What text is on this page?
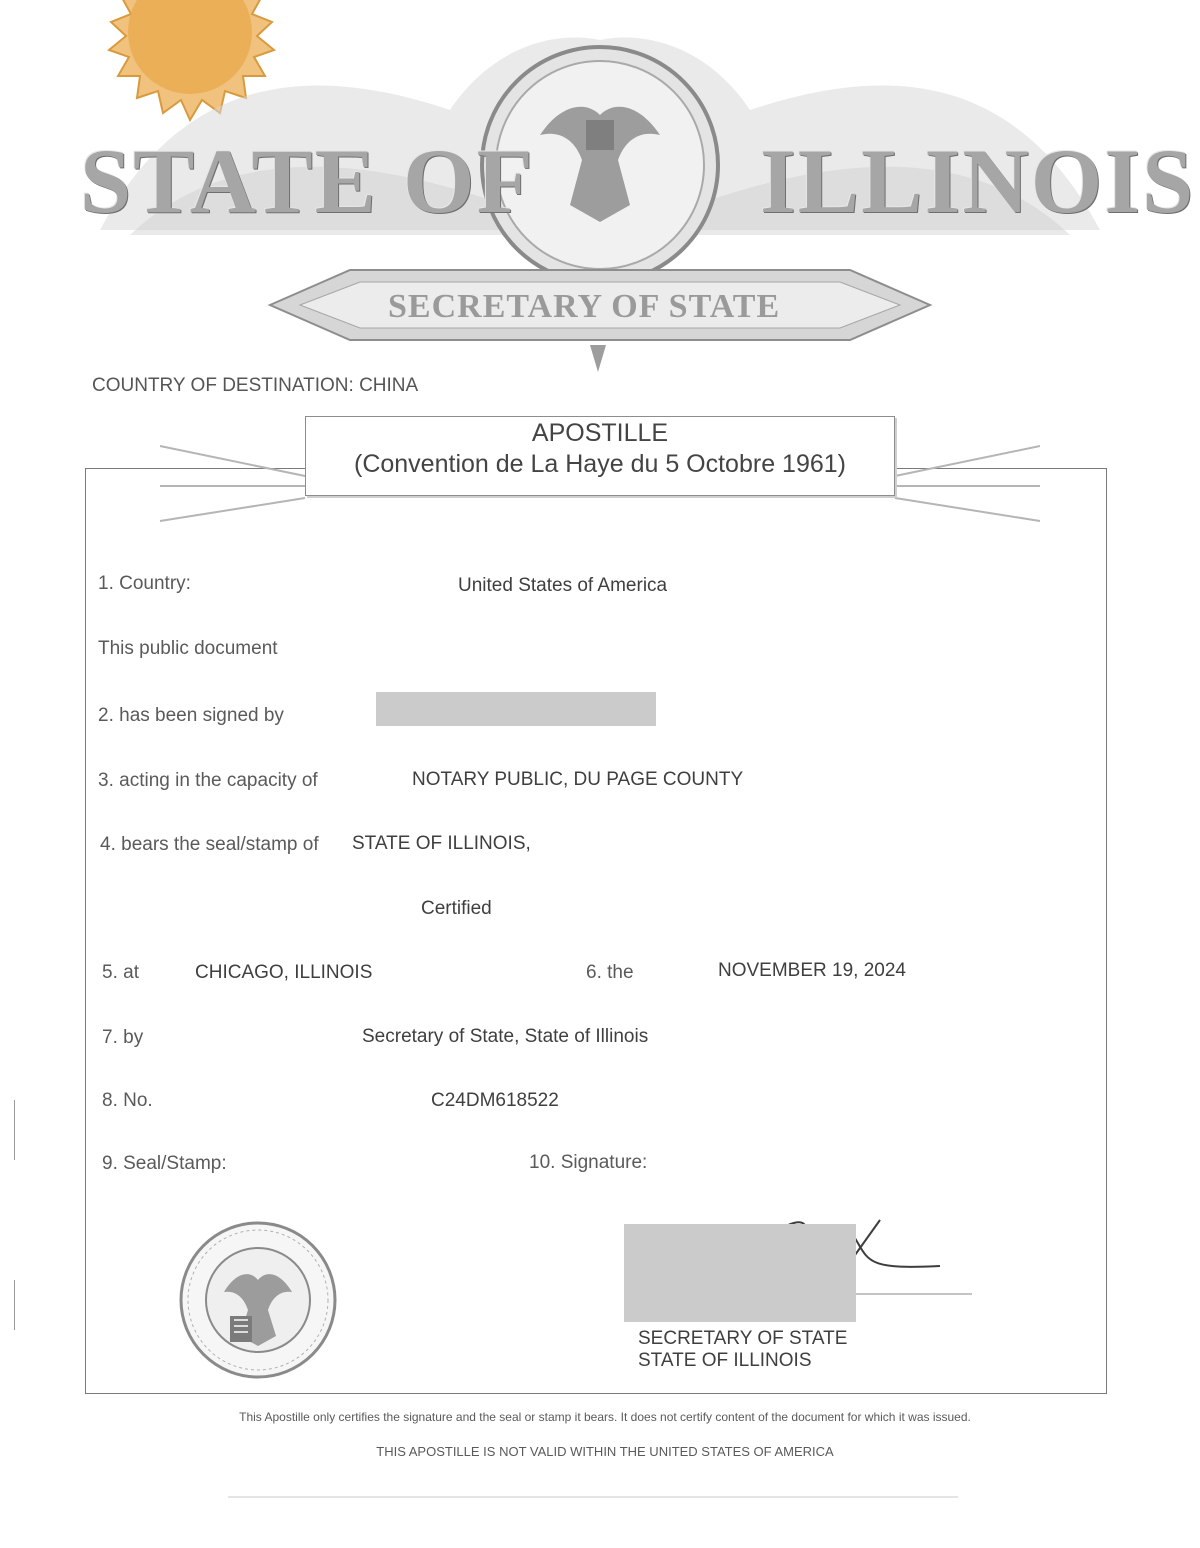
STATE OF ILLINOIS
SECRETARY OF STATE
COUNTRY OF DESTINATION: CHINA
APOSTILLE
(Convention de La Haye du 5 Octobre 1961)
1. Country:	United States of America
This public document
2. has been signed by
3. acting in the capacity of	NOTARY PUBLIC, DU PAGE COUNTY
4. bears the seal/stamp of STATE OF ILLINOIS,
Certified
5. at	CHICAGO, ILLINOIS	6. the	NOVEMBER 19, 2024
7. by	Secretary of State, State of Illinois
8. No.	C24DM618522
9. Seal/Stamp:	10. Signature:
SECRETARY OF STATE
STATE OF ILLINOIS
This Apostille only certifies the signature and the seal or stamp it bears. It does not certify content of the document for which it was issued.
THIS APOSTILLE IS NOT VALID WITHIN THE UNITED STATES OF AMERICA
